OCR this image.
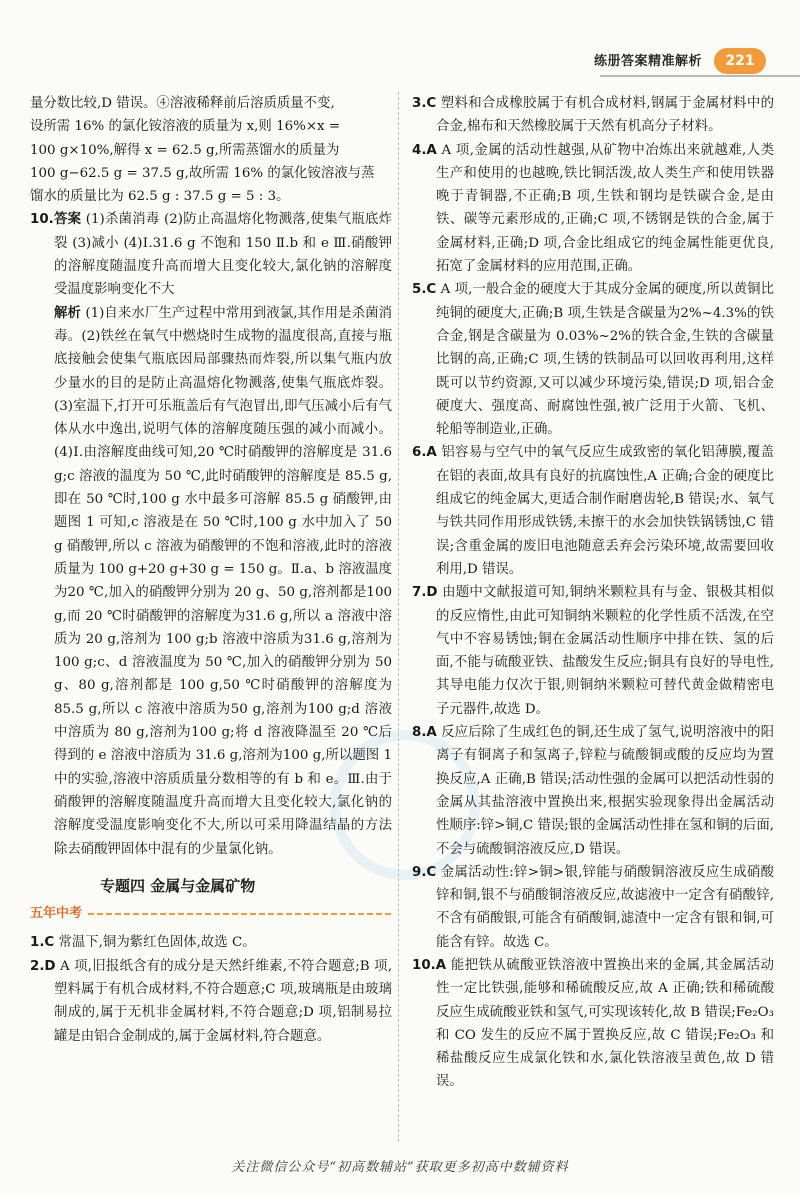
练册答案精准解析	221

量分数比较,D 错误。④溶液稀释前后溶质质量不变,

设所需 16% 的氯化铵溶液的质量为 x,则 16%×x =

100 g×10%,解得 x = 62.5 g,所需蒸馏水的质量为

100 g−62.5 g = 37.5 g,故所需 16% 的氯化铵溶液与蒸

馏水的质量比为 62.5 g : 37.5 g = 5 : 3。

10.答案 (1)杀菌消毒 (2)防止高温熔化物溅落,使集气瓶底炸裂 (3)减小 (4)Ⅰ.31.6 g 不饱和 150 Ⅱ.b 和 e Ⅲ.硝酸钾的溶解度随温度升高而增大且变化较大,氯化钠的溶解度受温度影响变化不大

解析 (1)自来水厂生产过程中常用到液氯,其作用是杀菌消毒。(2)铁丝在氧气中燃烧时生成物的温度很高,直接与瓶底接触会使集气瓶底因局部骤热而炸裂,所以集气瓶内放少量水的目的是防止高温熔化物溅落,使集气瓶底炸裂。(3)室温下,打开可乐瓶盖后有气泡冒出,即气压减小后有气体从水中逸出,说明气体的溶解度随压强的减小而减小。(4)Ⅰ.由溶解度曲线可知,20 ℃时硝酸钾的溶解度是 31.6 g;c 溶液的温度为 50 ℃,此时硝酸钾的溶解度是 85.5 g,即在 50 ℃时,100 g 水中最多可溶解 85.5 g 硝酸钾,由题图 1 可知,c 溶液是在 50 ℃时,100 g 水中加入了 50 g 硝酸钾,所以 c 溶液为硝酸钾的不饱和溶液,此时的溶液质量为 100 g+20 g+30 g = 150 g。Ⅱ.a、b 溶液温度为20 ℃,加入的硝酸钾分别为 20 g、50 g,溶剂都是100 g,而 20 ℃时硝酸钾的溶解度为31.6 g,所以 a 溶液中溶质为 20 g,溶剂为 100 g;b 溶液中溶质为31.6 g,溶剂为100 g;c、d 溶液温度为 50 ℃,加入的硝酸钾分别为 50 g、80 g,溶剂都是 100 g,50 ℃时硝酸钾的溶解度为 85.5 g,所以 c 溶液中溶质为50 g,溶剂为100 g;d 溶液中溶质为 80 g,溶剂为100 g;将 d 溶液降温至 20 ℃后得到的 e 溶液中溶质为 31.6 g,溶剂为100 g,所以题图 1 中的实验,溶液中溶质质量分数相等的有 b 和 e。Ⅲ.由于硝酸钾的溶解度随温度升高而增大且变化较大,氯化钠的溶解度受温度影响变化不大,所以可采用降温结晶的方法除去硝酸钾固体中混有的少量氯化钠。

专题四 金属与金属矿物
五年中考

1.C 常温下,铜为紫红色固体,故选 C。

2.D A 项,旧报纸含有的成分是天然纤维素,不符合题意;B 项,塑料属于有机合成材料,不符合题意;C 项,玻璃瓶是由玻璃制成的,属于无机非金属材料,不符合题意;D 项,铝制易拉罐是由铝合金制成的,属于金属材料,符合题意。

3.C 塑料和合成橡胶属于有机合成材料,钢属于金属材料中的合金,棉布和天然橡胶属于天然有机高分子材料。

4.A A 项,金属的活动性越强,从矿物中冶炼出来就越难,人类生产和使用的也越晚,铁比铜活泼,故人类生产和使用铁器晚于青铜器,不正确;B 项,生铁和钢均是铁碳合金,是由铁、碳等元素形成的,正确;C 项,不锈钢是铁的合金,属于金属材料,正确;D 项,合金比组成它的纯金属性能更优良,拓宽了金属材料的应用范围,正确。

5.C A 项,一般合金的硬度大于其成分金属的硬度,所以黄铜比纯铜的硬度大,正确;B 项,生铁是含碳量为2%~4.3%的铁合金,钢是含碳量为 0.03%~2%的铁合金,生铁的含碳量比钢的高,正确;C 项,生锈的铁制品可以回收再利用,这样既可以节约资源,又可以减少环境污染,错误;D 项,铝合金硬度大、强度高、耐腐蚀性强,被广泛用于火箭、飞机、轮船等制造业,正确。

6.A 铝容易与空气中的氧气反应生成致密的氧化铝薄膜,覆盖在铝的表面,故具有良好的抗腐蚀性,A 正确;合金的硬度比组成它的纯金属大,更适合制作耐磨齿轮,B 错误;水、氧气与铁共同作用形成铁锈,未擦干的水会加快铁锅锈蚀,C 错误;含重金属的废旧电池随意丢弃会污染环境,故需要回收利用,D 错误。

7.D 由题中文献报道可知,铜纳米颗粒具有与金、银极其相似的反应惰性,由此可知铜纳米颗粒的化学性质不活泼,在空气中不容易锈蚀;铜在金属活动性顺序中排在铁、氢的后面,不能与硫酸亚铁、盐酸发生反应;铜具有良好的导电性,其导电能力仅次于银,则铜纳米颗粒可替代黄金做精密电子元器件,故选 D。

8.A 反应后除了生成红色的铜,还生成了氢气,说明溶液中的阳离子有铜离子和氢离子,锌粒与硫酸铜或酸的反应均为置换反应,A 正确,B 错误;活动性强的金属可以把活动性弱的金属从其盐溶液中置换出来,根据实验现象得出金属活动性顺序:锌>铜,C 错误;银的金属活动性排在氢和铜的后面,不会与硫酸铜溶液反应,D 错误。

9.C 金属活动性:锌>铜>银,锌能与硝酸铜溶液反应生成硝酸锌和铜,银不与硝酸铜溶液反应,故滤液中一定含有硝酸锌,不含有硝酸银,可能含有硝酸铜,滤渣中一定含有银和铜,可能含有锌。故选 C。

10.A 能把铁从硫酸亚铁溶液中置换出来的金属,其金属活动性一定比铁强,能够和稀硫酸反应,故 A 正确;铁和稀硫酸反应生成硫酸亚铁和氢气,可实现该转化,故 B 错误;Fe₂O₃ 和 CO 发生的反应不属于置换反应,故 C 错误;Fe₂O₃ 和稀盐酸反应生成氯化铁和水,氯化铁溶液呈黄色,故 D 错误。

关注微信公众号“初高数辅站”获取更多初高中数辅资料
